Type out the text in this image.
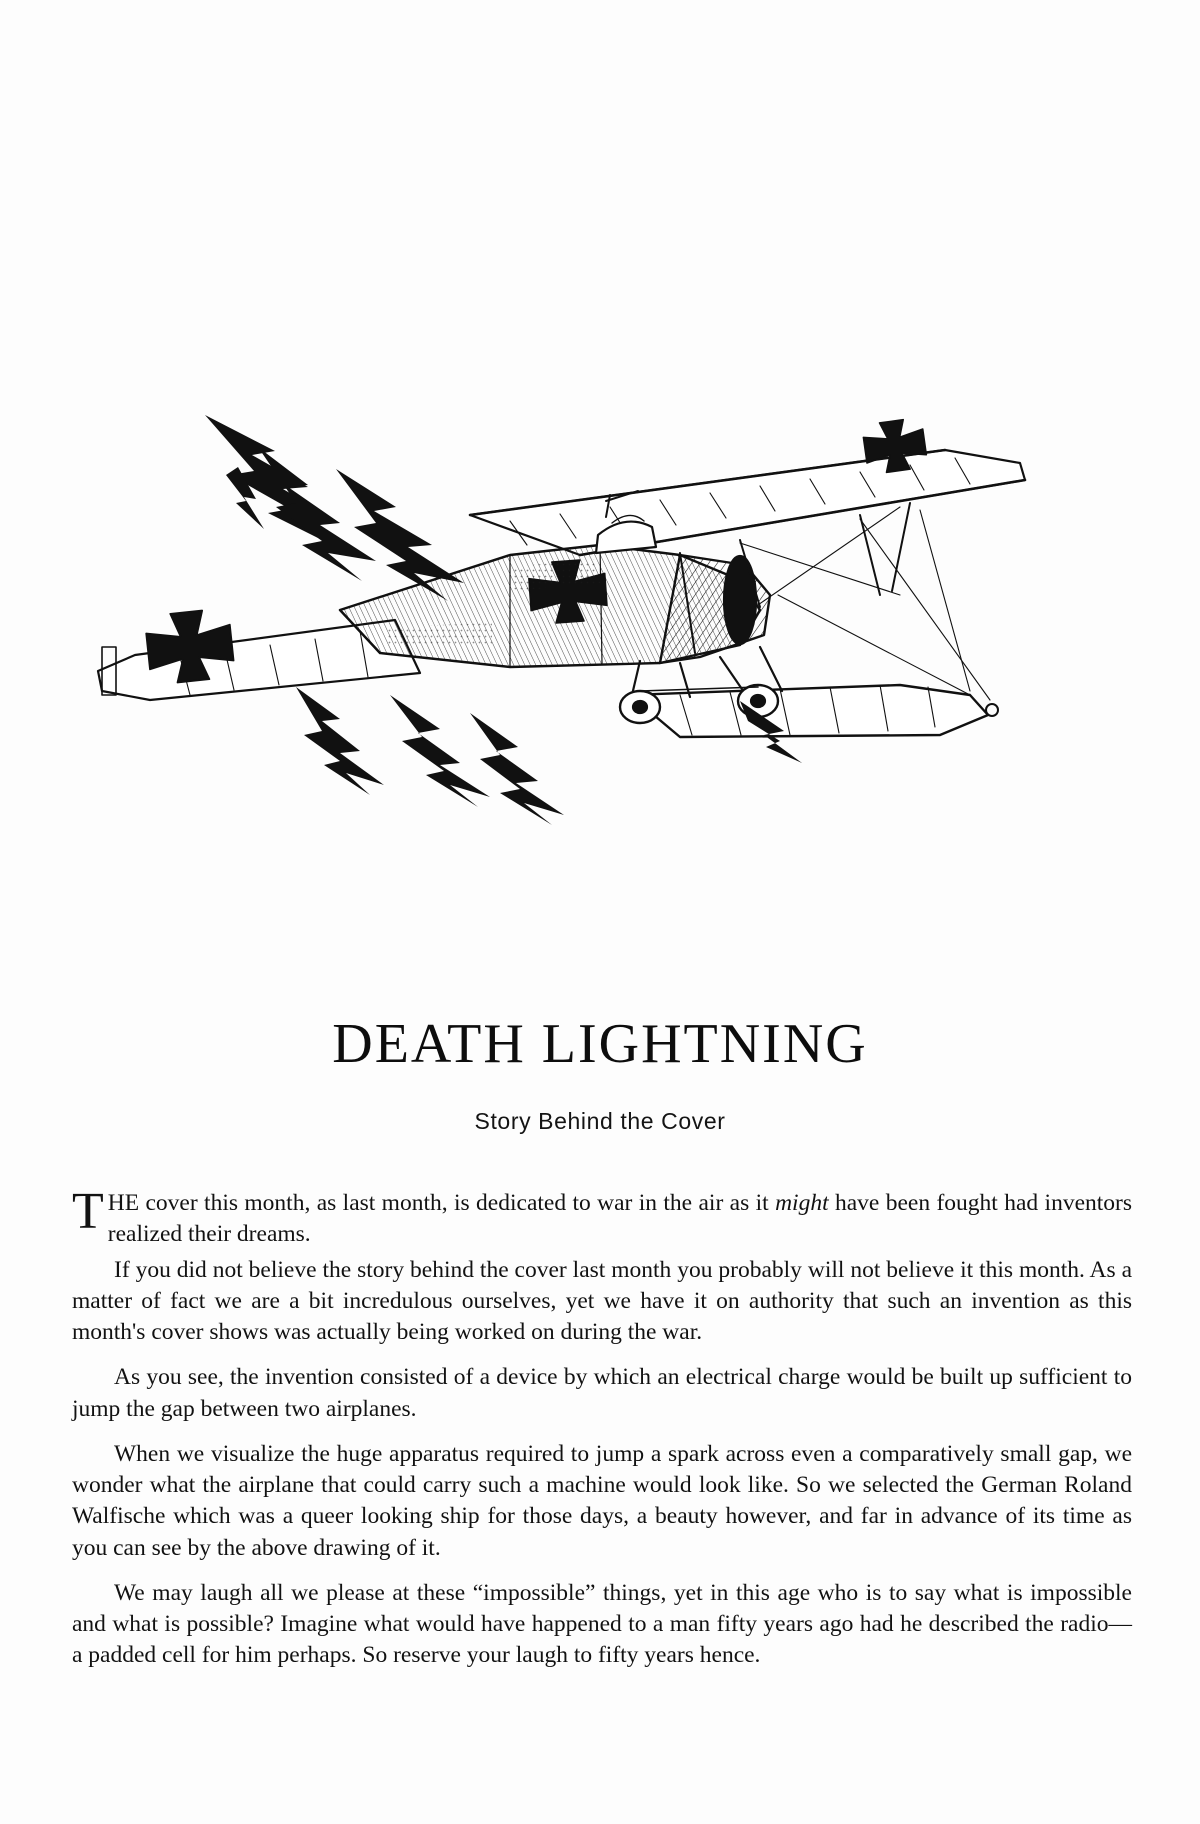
DEATH LIGHTNING
Story Behind the Cover

THE cover this month, as last month, is dedicated to war in the air as it might have been fought had inventors realized their dreams.

If you did not believe the story behind the cover last month you probably will not believe it this month. As a matter of fact we are a bit incredulous ourselves, yet we have it on authority that such an invention as this month's cover shows was actually being worked on during the war.

As you see, the invention consisted of a device by which an electrical charge would be built up sufficient to jump the gap between two airplanes.

When we visualize the huge apparatus required to jump a spark across even a comparatively small gap, we wonder what the airplane that could carry such a machine would look like. So we selected the German Roland Walfische which was a queer looking ship for those days, a beauty however, and far in advance of its time as you can see by the above drawing of it.

We may laugh all we please at these “impossible” things, yet in this age who is to say what is impossible and what is possible? Imagine what would have happened to a man fifty years ago had he described the radio—a padded cell for him perhaps. So reserve your laugh to fifty years hence.
